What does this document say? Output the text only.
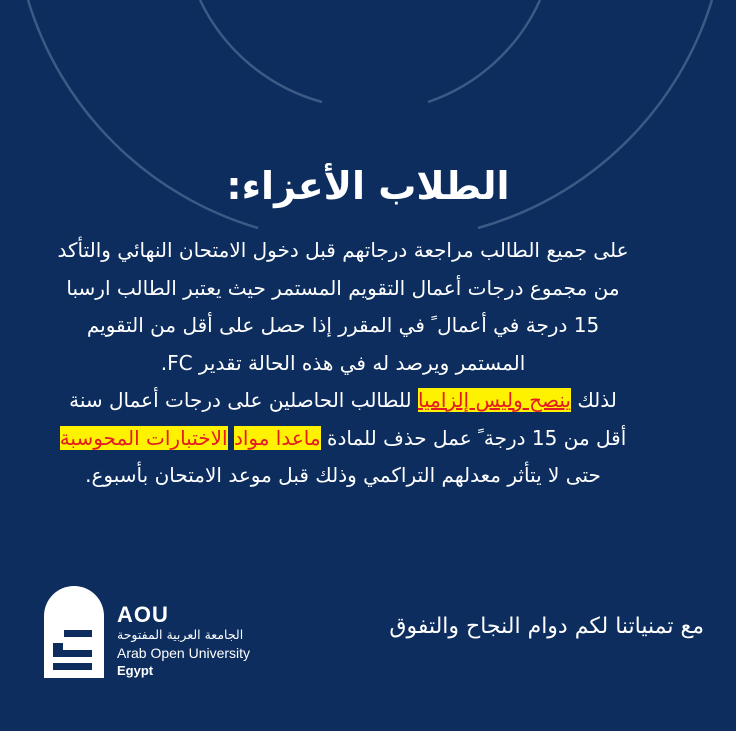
الطلاب الأعزاء:

على جميع الطالب مراجعة درجاتهم قبل دخول الامتحان النهائي والتأكد من مجموع درجات أعمال التقويم المستمر حيث يعتبر الطالب ارسبا 15 درجة في أعمال ً في المقرر إذا حصل على أقل من التقويم المستمر ويرصد له في هذه الحالة تقدير FC.

لذلك ينصح وليس إلزاميا للطالب الحاصلين على درجات أعمال سنة أقل من 15 درجة ً عمل حذف للمادة ماعدا مواد الاختبارات المحوسبة حتى لا يتأثر معدلهم التراكمي وذلك قبل موعد الامتحان بأسبوع.

AOU
الجامعة العربية المفتوحة
Arab Open University
Egypt
مع تمنياتنا لكم دوام النجاح والتفوق
